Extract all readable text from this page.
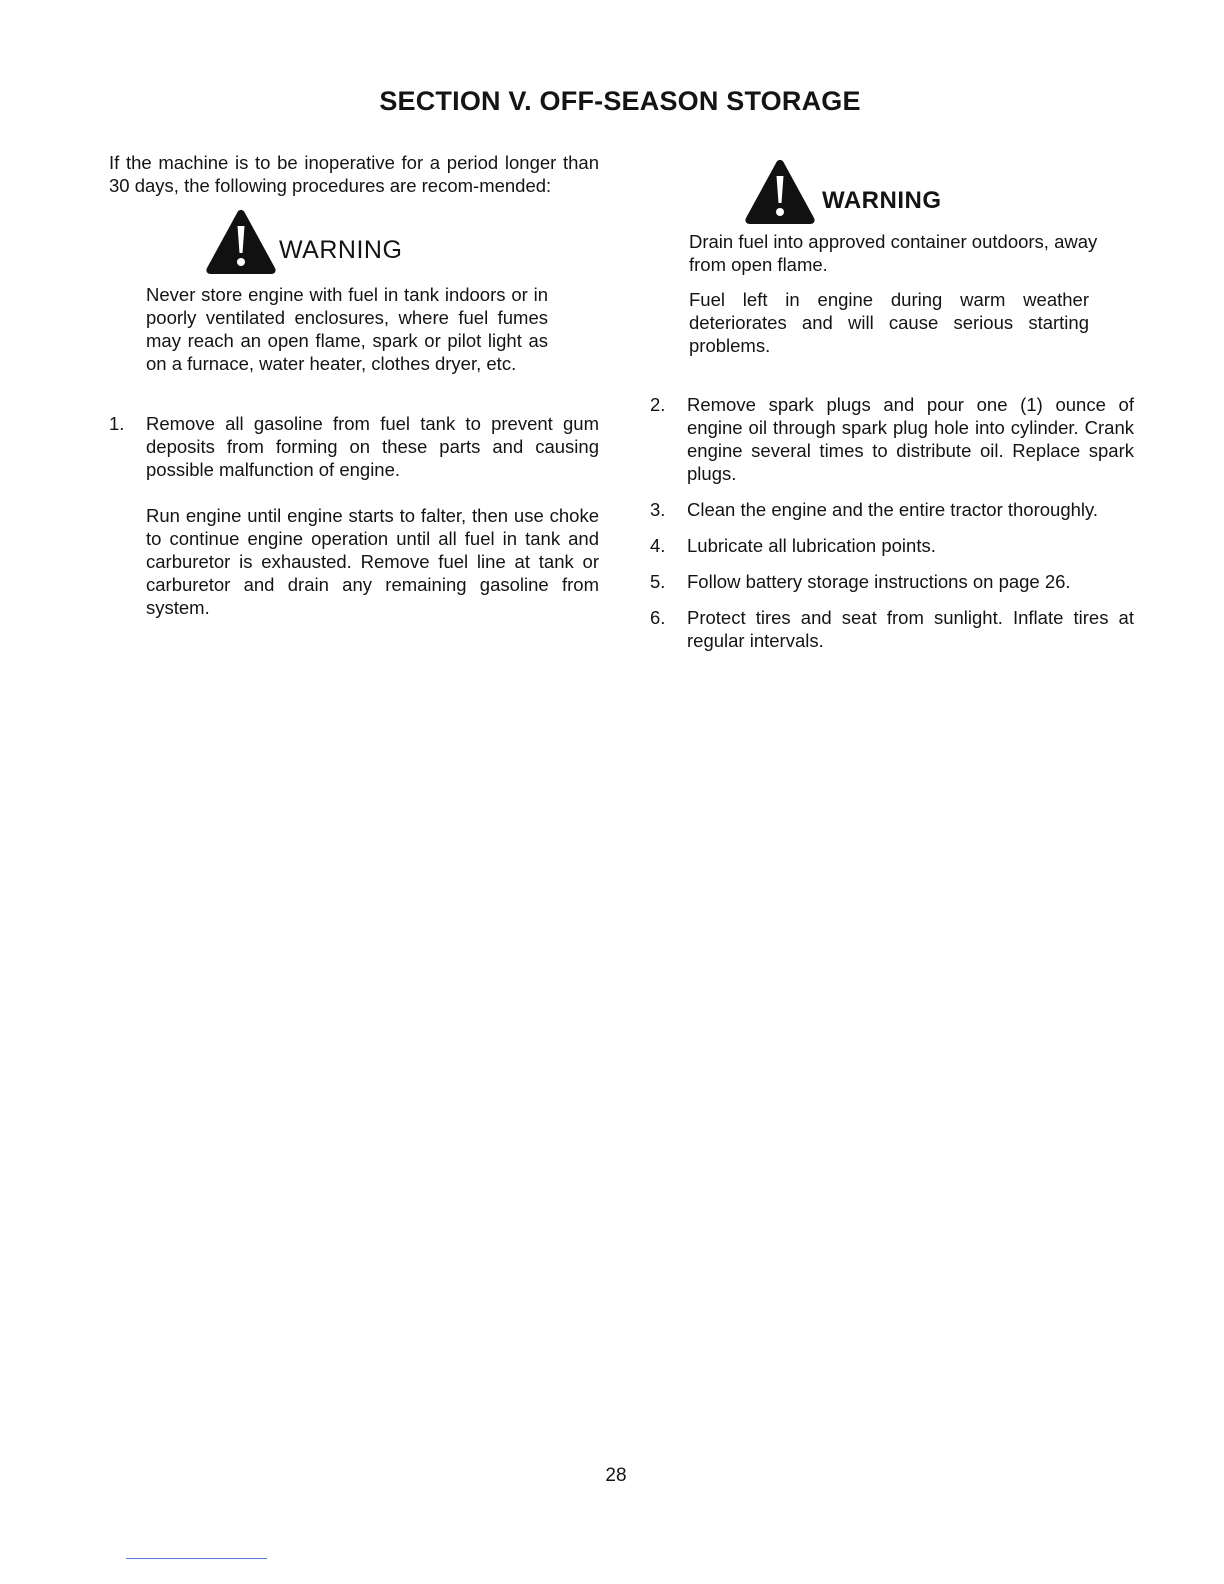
SECTION V. OFF-SEASON STORAGE

If the machine is to be inoperative for a period longer than 30 days, the following procedures are recom-mended:

WARNING

Never store engine with fuel in tank indoors or in poorly ventilated enclosures, where fuel fumes may reach an open flame, spark or pilot light as on a furnace, water heater, clothes dryer, etc.

1.	Remove all gasoline from fuel tank to prevent gum deposits from forming on these parts and causing possible malfunction of engine.

Run engine until engine starts to falter, then use choke to continue engine operation until all fuel in tank and carburetor is exhausted. Remove fuel line at tank or carburetor and drain any remaining gasoline from system.

WARNING

Drain fuel into approved container outdoors, away from open flame.

Fuel left in engine during warm weather deteriorates and will cause serious starting problems.

2.	Remove spark plugs and pour one (1) ounce of engine oil through spark plug hole into cylinder. Crank engine several times to distribute oil. Replace spark plugs.
3.	Clean the engine and the entire tractor thoroughly.
4.	Lubricate all lubrication points.
5.	Follow battery storage instructions on page 26.
6.	Protect tires and seat from sunlight. Inflate tires at regular intervals.
28
